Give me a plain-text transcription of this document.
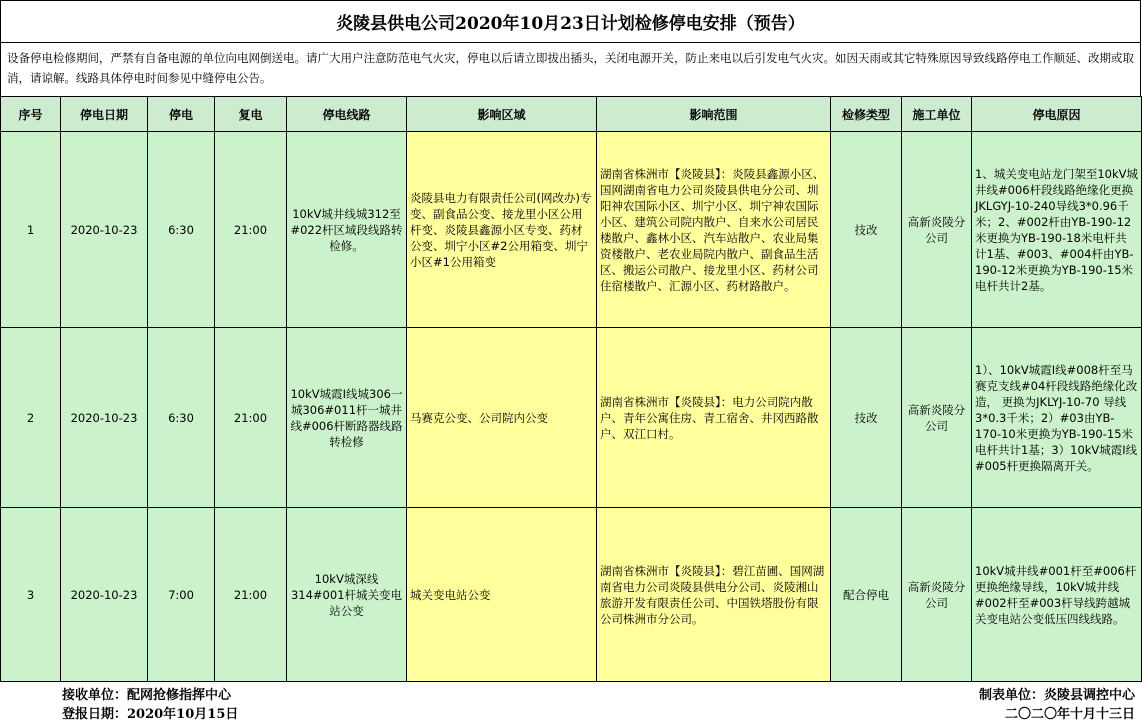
炎陵县供电公司2020年10月23日计划检修停电安排（预告）
设备停电检修期间，严禁有自备电源的单位向电网倒送电。请广大用户注意防范电气火灾，停电以后请立即拔出插头，关闭电源开关，防止来电以后引发电气火灾。如因天雨或其它特殊原因导致线路停电工作顺延、改期或取消，请谅解。线路具体停电时间参见中缝停电公告。
序号	停电日期	停电	复电	停电线路	影响区域	影响范围	检修类型	施工单位	停电原因
1	2020-10-23	6:30	21:00	10kV城井线城312至#022杆区域段线路转检修。	炎陵县电力有限责任公司(网改办)专变、副食品公变、接龙里小区公用杆变、炎陵县鑫源小区专变、药材公变、圳宁小区#2公用箱变、圳宁小区#1公用箱变	湖南省株洲市【炎陵县】：炎陵县鑫源小区、国网湖南省电力公司炎陵县供电分公司、圳阳神农国际小区、圳宁小区、圳宁神农国际小区、建筑公司院内散户、自来水公司居民楼散户、鑫林小区、汽车站散户、农业局集资楼散户、老农业局院内散户、副食品生活区、搬运公司散户、接龙里小区、药材公司住宿楼散户、汇源小区、药材路散户。	技改	高新炎陵分公司	1、城关变电站龙门架至10kV城井线#006杆段线路绝缘化更换JKLGYJ-10-240导线3*0.96千米；2、#002杆由YB-190-12米更换为YB-190-18米电杆共计1基、#003、#004杆由YB-190-12米更换为YB-190-15米电杆共计2基。
2	2020-10-23	6:30	21:00	10kV城霞I线城306一城306#011杆一城井线#006杆断路器线路转检修	马赛克公变、公司院内公变	湖南省株洲市【炎陵县】：电力公司院内散户、青年公寓住房、青工宿舍、井冈西路散户、双江口村。	技改	高新炎陵分公司	1）、10kV城霞I线#008杆至马赛克支线#04杆段线路绝缘化改造， 更换为JKLYJ-10-70 导线3*0.3千米；2）#03由YB-170-10米更换为YB-190-15米电杆共计1基；3）10kV城霞I线#005杆更换隔离开关。
3	2020-10-23	7:00	21:00	10kV城深线314#001杆城关变电站公变	城关变电站公变	湖南省株洲市【炎陵县】：碧江苗圃、国网湖南省电力公司炎陵县供电分公司、炎陵湘山旅游开发有限责任公司、中国铁塔股份有限公司株洲市分公司。	配合停电	高新炎陵分公司	10kV城井线#001杆至#006杆更换绝缘导线，10kV城井线#002杆至#003杆导线跨越城关变电站公变低压四线线路。
接收单位：配网抢修指挥中心
登报日期：2020年10月15日
制表单位：炎陵县调控中心
二〇二〇年十月十三日
